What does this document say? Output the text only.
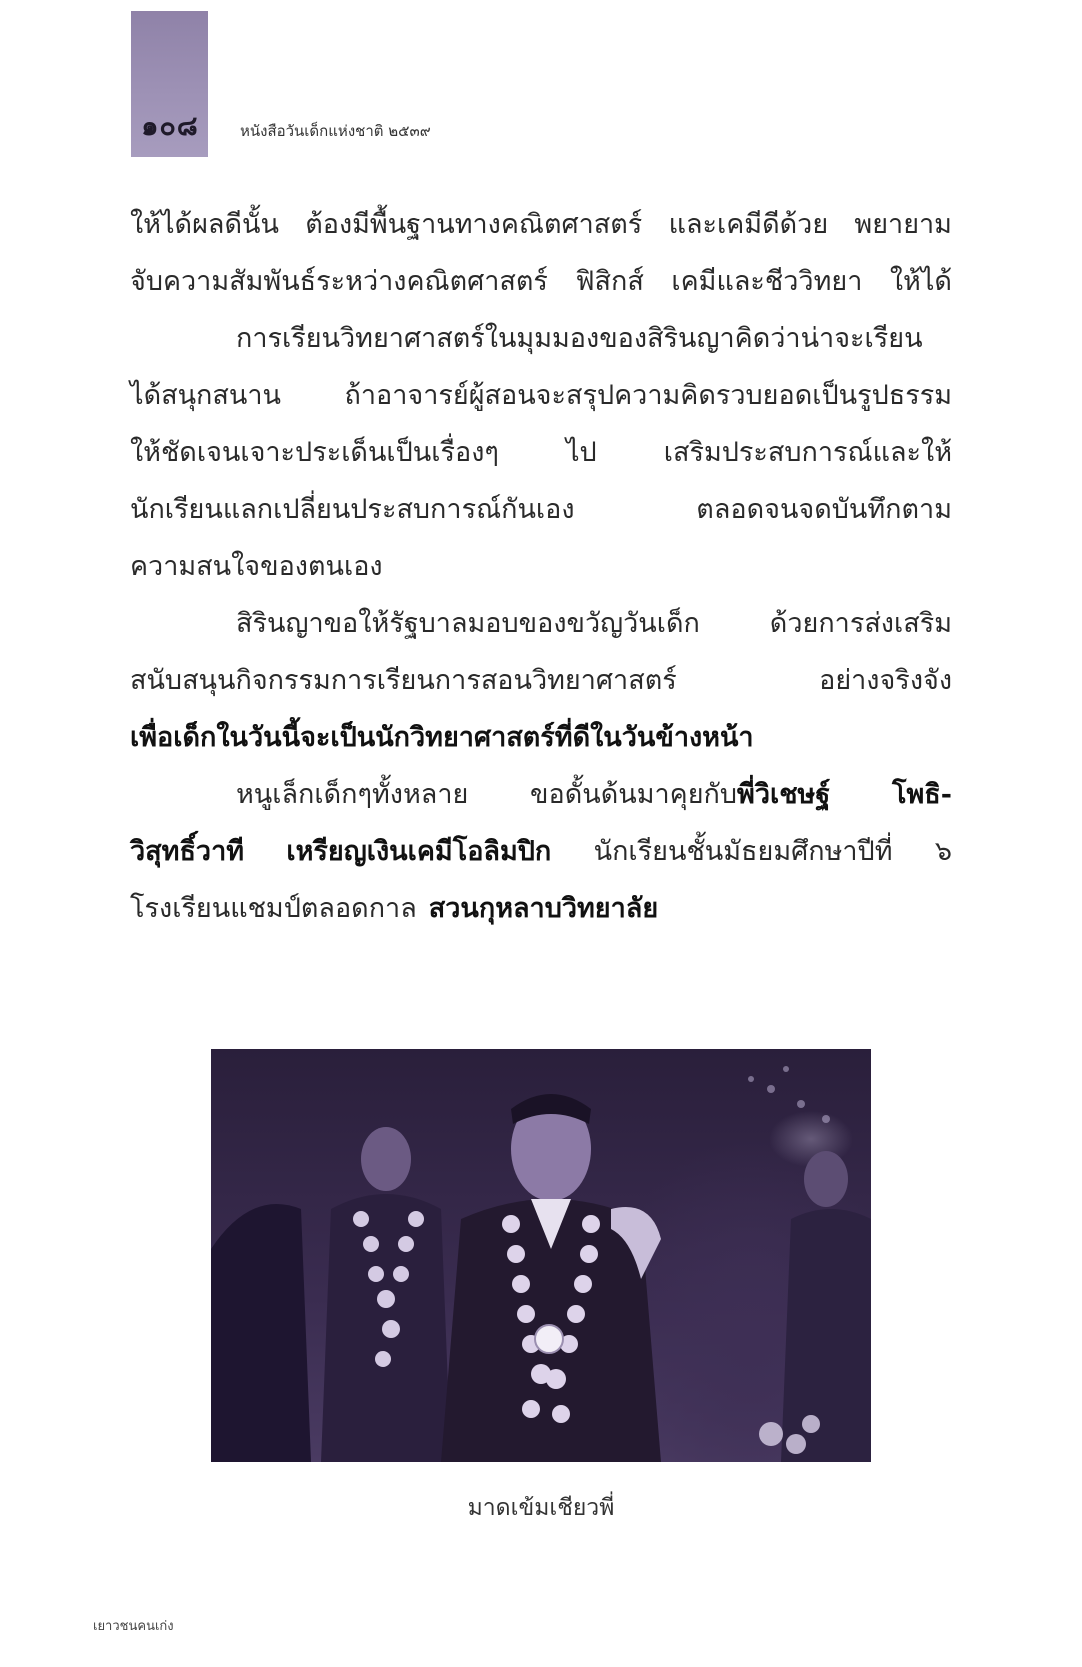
๑๐๘	หนังสือวันเด็กแห่งชาติ ๒๕๓๙
ให้ได้ผลดีนั้น ต้องมีพื้นฐานทางคณิตศาสตร์ และเคมีดีด้วย พยายาม
จับความสัมพันธ์ระหว่างคณิตศาสตร์ ฟิสิกส์ เคมีและชีววิทยา ให้ได้
การเรียนวิทยาศาสตร์ในมุมมองของสิรินญาคิดว่าน่าจะเรียน
ได้สนุกสนาน ถ้าอาจารย์ผู้สอนจะสรุปความคิดรวบยอดเป็นรูปธรรม
ให้ชัดเจนเจาะประเด็นเป็นเรื่องๆ ไป เสริมประสบการณ์และให้
นักเรียนแลกเปลี่ยนประสบการณ์กันเอง	ตลอดจนจดบันทึกตาม
ความสนใจของตนเอง
สิรินญาขอให้รัฐบาลมอบของขวัญวันเด็ก	ด้วยการส่งเสริม
สนับสนุนกิจกรรมการเรียนการสอนวิทยาศาสตร์	อย่างจริงจัง
เพื่อเด็กในวันนี้จะเป็นนักวิทยาศาสตร์ที่ดีในวันข้างหน้า
หนูเล็กเด็กๆทั้งหลาย ขอดั้นด้นมาคุยกับพี่วิเชษฐ์ โพธิ-
วิสุทธิ์วาที เหรียญเงินเคมีโอลิมปิก นักเรียนชั้นมัธยมศึกษาปีที่ ๖
โรงเรียนแชมป์ตลอดกาล สวนกุหลาบวิทยาลัย
มาดเข้มเชียวพี่
เยาวชนคนเก่ง
